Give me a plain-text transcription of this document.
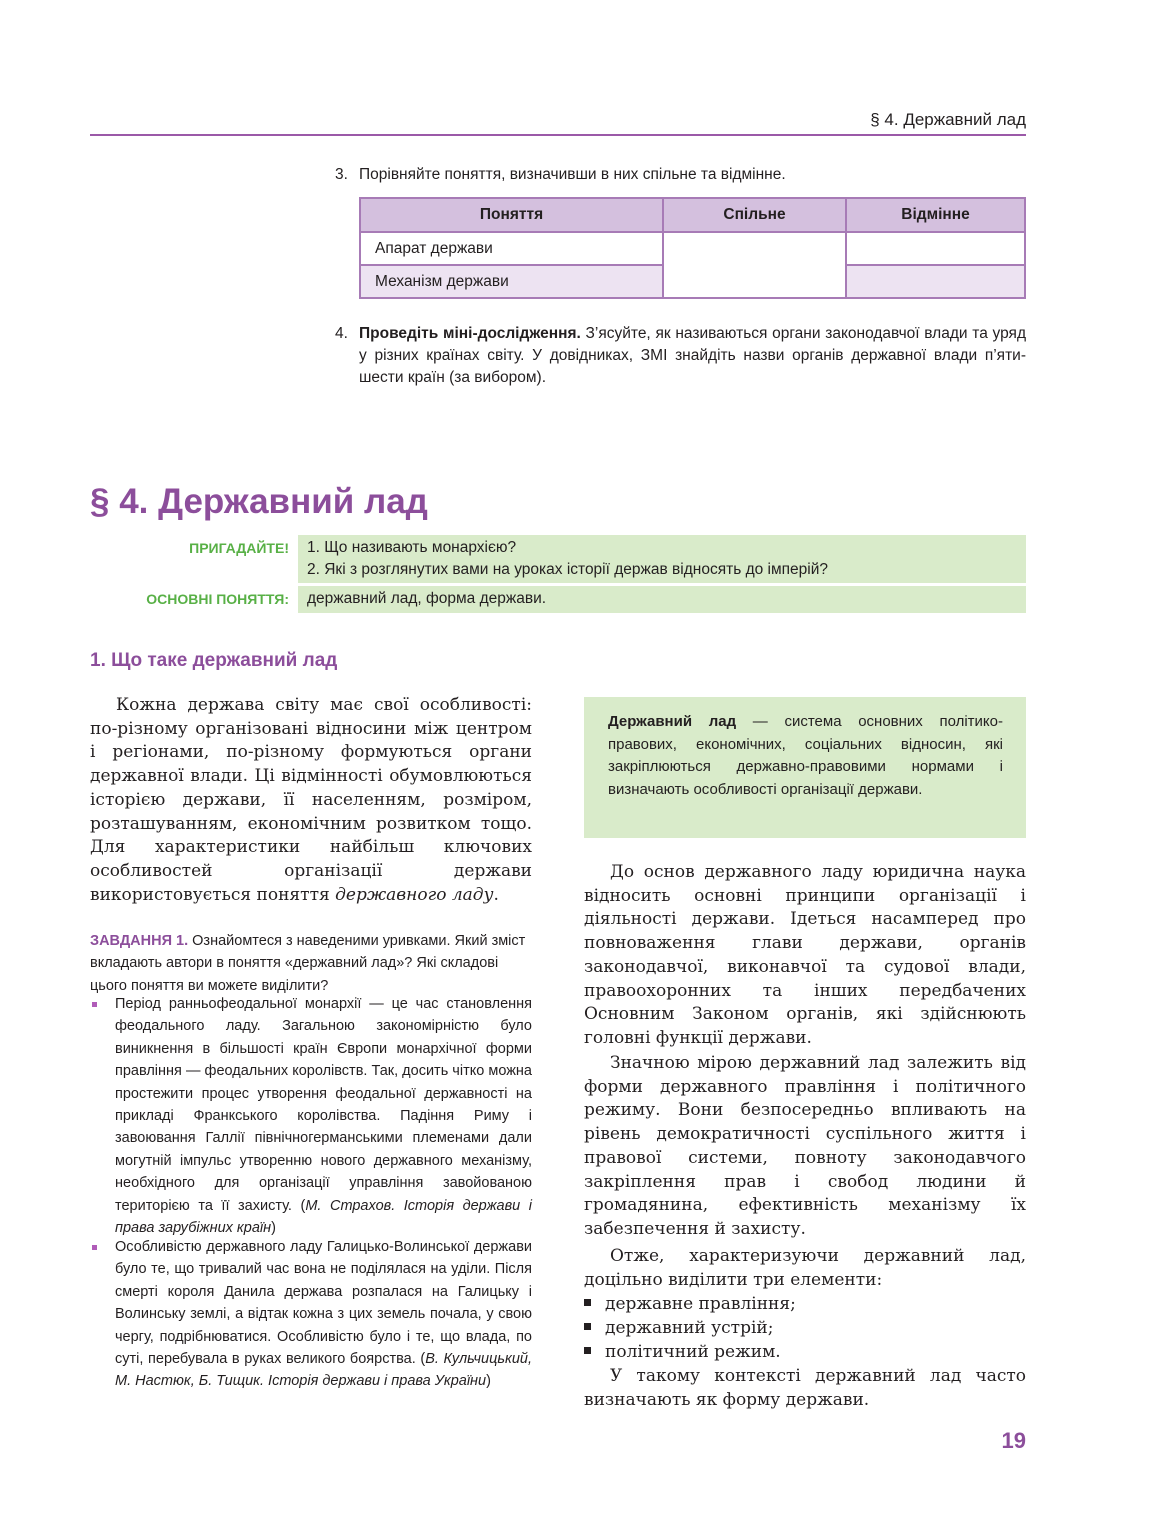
§ 4. Державний лад
3. Порівняйте поняття, визначивши в них спільне та відмінне.
Поняття	Спільне	Відмінне
Апарат держави		
Механізм держави		
4. Проведіть міні-дослідження. З’ясуйте, як називаються органи законодавчої влади та уряд у різних країнах світу. У довідниках, ЗМІ знайдіть назви органів державної влади п’яти-шести країн (за вибором).
§ 4. Державний лад
ПРИГАДАЙТЕ! 1. Що називають монархією?
2. Які з розглянутих вами на уроках історії держав відносять до імперій?
ОСНОВНІ ПОНЯТТЯ: державний лад, форма держави.
1. Що таке державний лад
Кожна держава світу має свої особливості: по-різному організовані відносини між центром і регіонами, по-різному формуються органи державної влади. Ці відмінності обумовлюються історією держави, її населенням, розміром, розташуванням, економічним розвитком тощо. Для характеристики найбільш ключових особливостей організації держави використовується поняття державного ладу.
ЗАВДАННЯ 1. Ознайомтеся з наведеними уривками. Який зміст вкладають автори в поняття «державний лад»? Які складові цього поняття ви можете виділити?
Період ранньофеодальної монархії — це час становлення феодального ладу. Загальною закономірністю було виникнення в більшості країн Європи монархічної форми правління — феодальних королівств. Так, досить чітко можна простежити процес утворення феодальної державності на прикладі Франкського королівства. Падіння Риму і завоювання Галлії північногерманськими племенами дали могутній імпульс утворенню нового державного механізму, необхідного для організації управління завойованою територією та її захисту. (М. Страхов. Історія держави і права зарубіжних країн)
Особливістю державного ладу Галицько-Волинської держави було те, що тривалий час вона не поділялася на уділи. Після смерті короля Данила держава розпалася на Галицьку і Волинську землі, а відтак кожна з цих земель почала, у свою чергу, подрібнюватися. Особливістю було і те, що влада, по суті, перебувала в руках великого боярства. (В. Кульчицький, М. Настюк, Б. Тищик. Історія держави і права України)
Державний лад — система основних політико-правових, економічних, соціальних відносин, які закріплюються державно-правовими нормами і визначають особливості організації держави.
До основ державного ладу юридична наука відносить основні принципи організації і діяльності держави. Ідеться насамперед про повноваження глави держави, органів законодавчої, виконавчої та судової влади, правоохоронних та інших передбачених Основним Законом органів, які здійснюють головні функції держави.
Значною мірою державний лад залежить від форми державного правління і політичного режиму. Вони безпосередньо впливають на рівень демократичності суспільного життя і правової системи, повноту законодавчого закріплення прав і свобод людини й громадянина, ефективність механізму їх забезпечення й захисту.
Отже, характеризуючи державний лад, доцільно виділити три елементи:
державне правління;
державний устрій;
політичний режим.
У такому контексті державний лад часто визначають як форму держави.
19
